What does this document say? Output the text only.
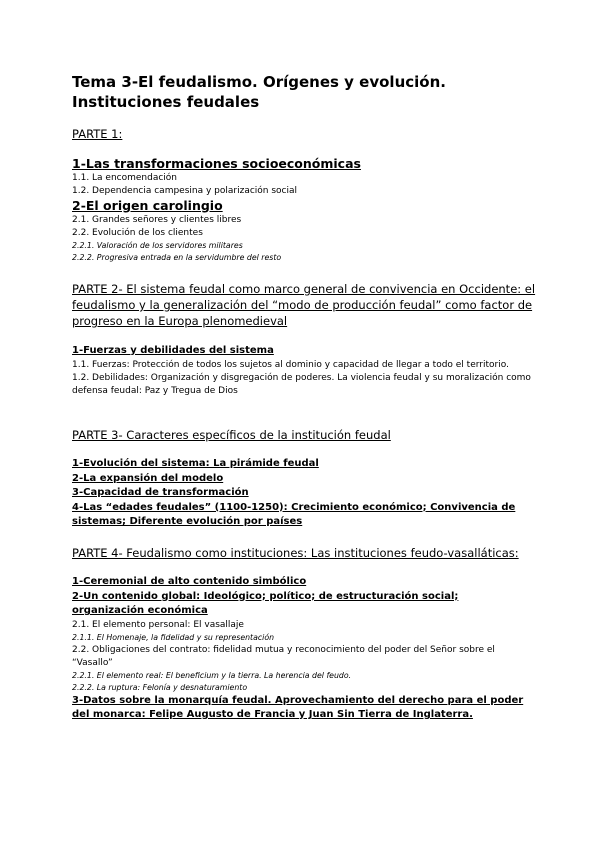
Tema 3-El feudalismo. Orígenes y evolución. Instituciones feudales

PARTE 1:

1-Las transformaciones socioeconómicas

1.1. La encomendación

1.2. Dependencia campesina y polarización social

2-El origen carolingio

2.1. Grandes señores y clientes libres

2.2. Evolución de los clientes

2.2.1. Valoración de los servidores militares

2.2.2. Progresiva entrada en la servidumbre del resto

PARTE 2- El sistema feudal como marco general de convivencia en Occidente: el feudalismo y la generalización del “modo de producción feudal” como factor de progreso en la Europa plenomedieval

1-Fuerzas y debilidades del sistema

1.1. Fuerzas: Protección de todos los sujetos al dominio y capacidad de llegar a todo el territorio.

1.2. Debilidades: Organización y disgregación de poderes. La violencia feudal y su moralización como defensa feudal: Paz y Tregua de Dios

PARTE 3- Caracteres específicos de la institución feudal

1-Evolución del sistema: La pirámide feudal

2-La expansión del modelo

3-Capacidad de transformación

4-Las “edades feudales” (1100-1250): Crecimiento económico; Convivencia de sistemas; Diferente evolución por países

PARTE 4- Feudalismo como instituciones: Las instituciones feudo-vasalláticas:

1-Ceremonial de alto contenido simbólico

2-Un contenido global: Ideológico; político; de estructuración social; organización económica

2.1. El elemento personal: El vasallaje

2.1.1. El Homenaje, la fidelidad y su representación

2.2. Obligaciones del contrato: fidelidad mutua y reconocimiento del poder del Señor sobre el “Vasallo”

2.2.1. El elemento real: El beneficium y la tierra. La herencia del feudo.

2.2.2. La ruptura: Felonía y desnaturamiento

3-Datos sobre la monarquía feudal. Aprovechamiento del derecho para el poder del monarca: Felipe Augusto de Francia y Juan Sin Tierra de Inglaterra.
